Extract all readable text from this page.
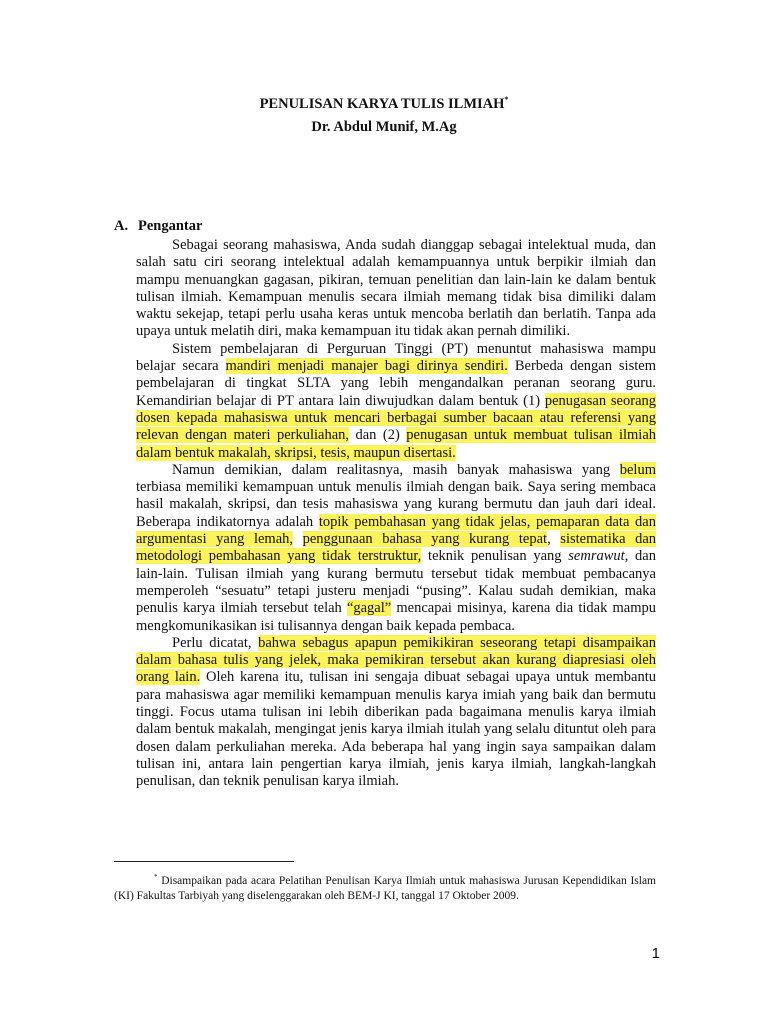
PENULISAN KARYA TULIS ILMIAH*
Dr. Abdul Munif, M.Ag
A. Pengantar

Sebagai seorang mahasiswa, Anda sudah dianggap sebagai intelektual muda, dan salah satu ciri seorang intelektual adalah kemampuannya untuk berpikir ilmiah dan mampu menuangkan gagasan, pikiran, temuan penelitian dan lain-lain ke dalam bentuk tulisan ilmiah. Kemampuan menulis secara ilmiah memang tidak bisa dimiliki dalam waktu sekejap, tetapi perlu usaha keras untuk mencoba berlatih dan berlatih. Tanpa ada upaya untuk melatih diri, maka kemampuan itu tidak akan pernah dimiliki.

Sistem pembelajaran di Perguruan Tinggi (PT) menuntut mahasiswa mampu belajar secara mandiri menjadi manajer bagi dirinya sendiri. Berbeda dengan sistem pembelajaran di tingkat SLTA yang lebih mengandalkan peranan seorang guru. Kemandirian belajar di PT antara lain diwujudkan dalam bentuk (1) penugasan seorang dosen kepada mahasiswa untuk mencari berbagai sumber bacaan atau referensi yang relevan dengan materi perkuliahan, dan (2) penugasan untuk membuat tulisan ilmiah dalam bentuk makalah, skripsi, tesis, maupun disertasi.

Namun demikian, dalam realitasnya, masih banyak mahasiswa yang belum terbiasa memiliki kemampuan untuk menulis ilmiah dengan baik. Saya sering membaca hasil makalah, skripsi, dan tesis mahasiswa yang kurang bermutu dan jauh dari ideal. Beberapa indikatornya adalah topik pembahasan yang tidak jelas, pemaparan data dan argumentasi yang lemah, penggunaan bahasa yang kurang tepat, sistematika dan metodologi pembahasan yang tidak terstruktur, teknik penulisan yang semrawut, dan lain-lain. Tulisan ilmiah yang kurang bermutu tersebut tidak membuat pembacanya memperoleh “sesuatu” tetapi justeru menjadi “pusing”. Kalau sudah demikian, maka penulis karya ilmiah tersebut telah “gagal” mencapai misinya, karena dia tidak mampu mengkomunikasikan isi tulisannya dengan baik kepada pembaca.

Perlu dicatat, bahwa sebagus apapun pemikikiran seseorang tetapi disampaikan dalam bahasa tulis yang jelek, maka pemikiran tersebut akan kurang diapresiasi oleh orang lain. Oleh karena itu, tulisan ini sengaja dibuat sebagai upaya untuk membantu para mahasiswa agar memiliki kemampuan menulis karya imiah yang baik dan bermutu tinggi. Focus utama tulisan ini lebih diberikan pada bagaimana menulis karya ilmiah dalam bentuk makalah, mengingat jenis karya ilmiah itulah yang selalu dituntut oleh para dosen dalam perkuliahan mereka. Ada beberapa hal yang ingin saya sampaikan dalam tulisan ini, antara lain pengertian karya ilmiah, jenis karya ilmiah, langkah-langkah penulisan, dan teknik penulisan karya ilmiah.

* Disampaikan pada acara Pelatihan Penulisan Karya Ilmiah untuk mahasiswa Jurusan Kependidikan Islam (KI) Fakultas Tarbiyah yang diselenggarakan oleh BEM-J KI, tanggal 17 Oktober 2009.
1
